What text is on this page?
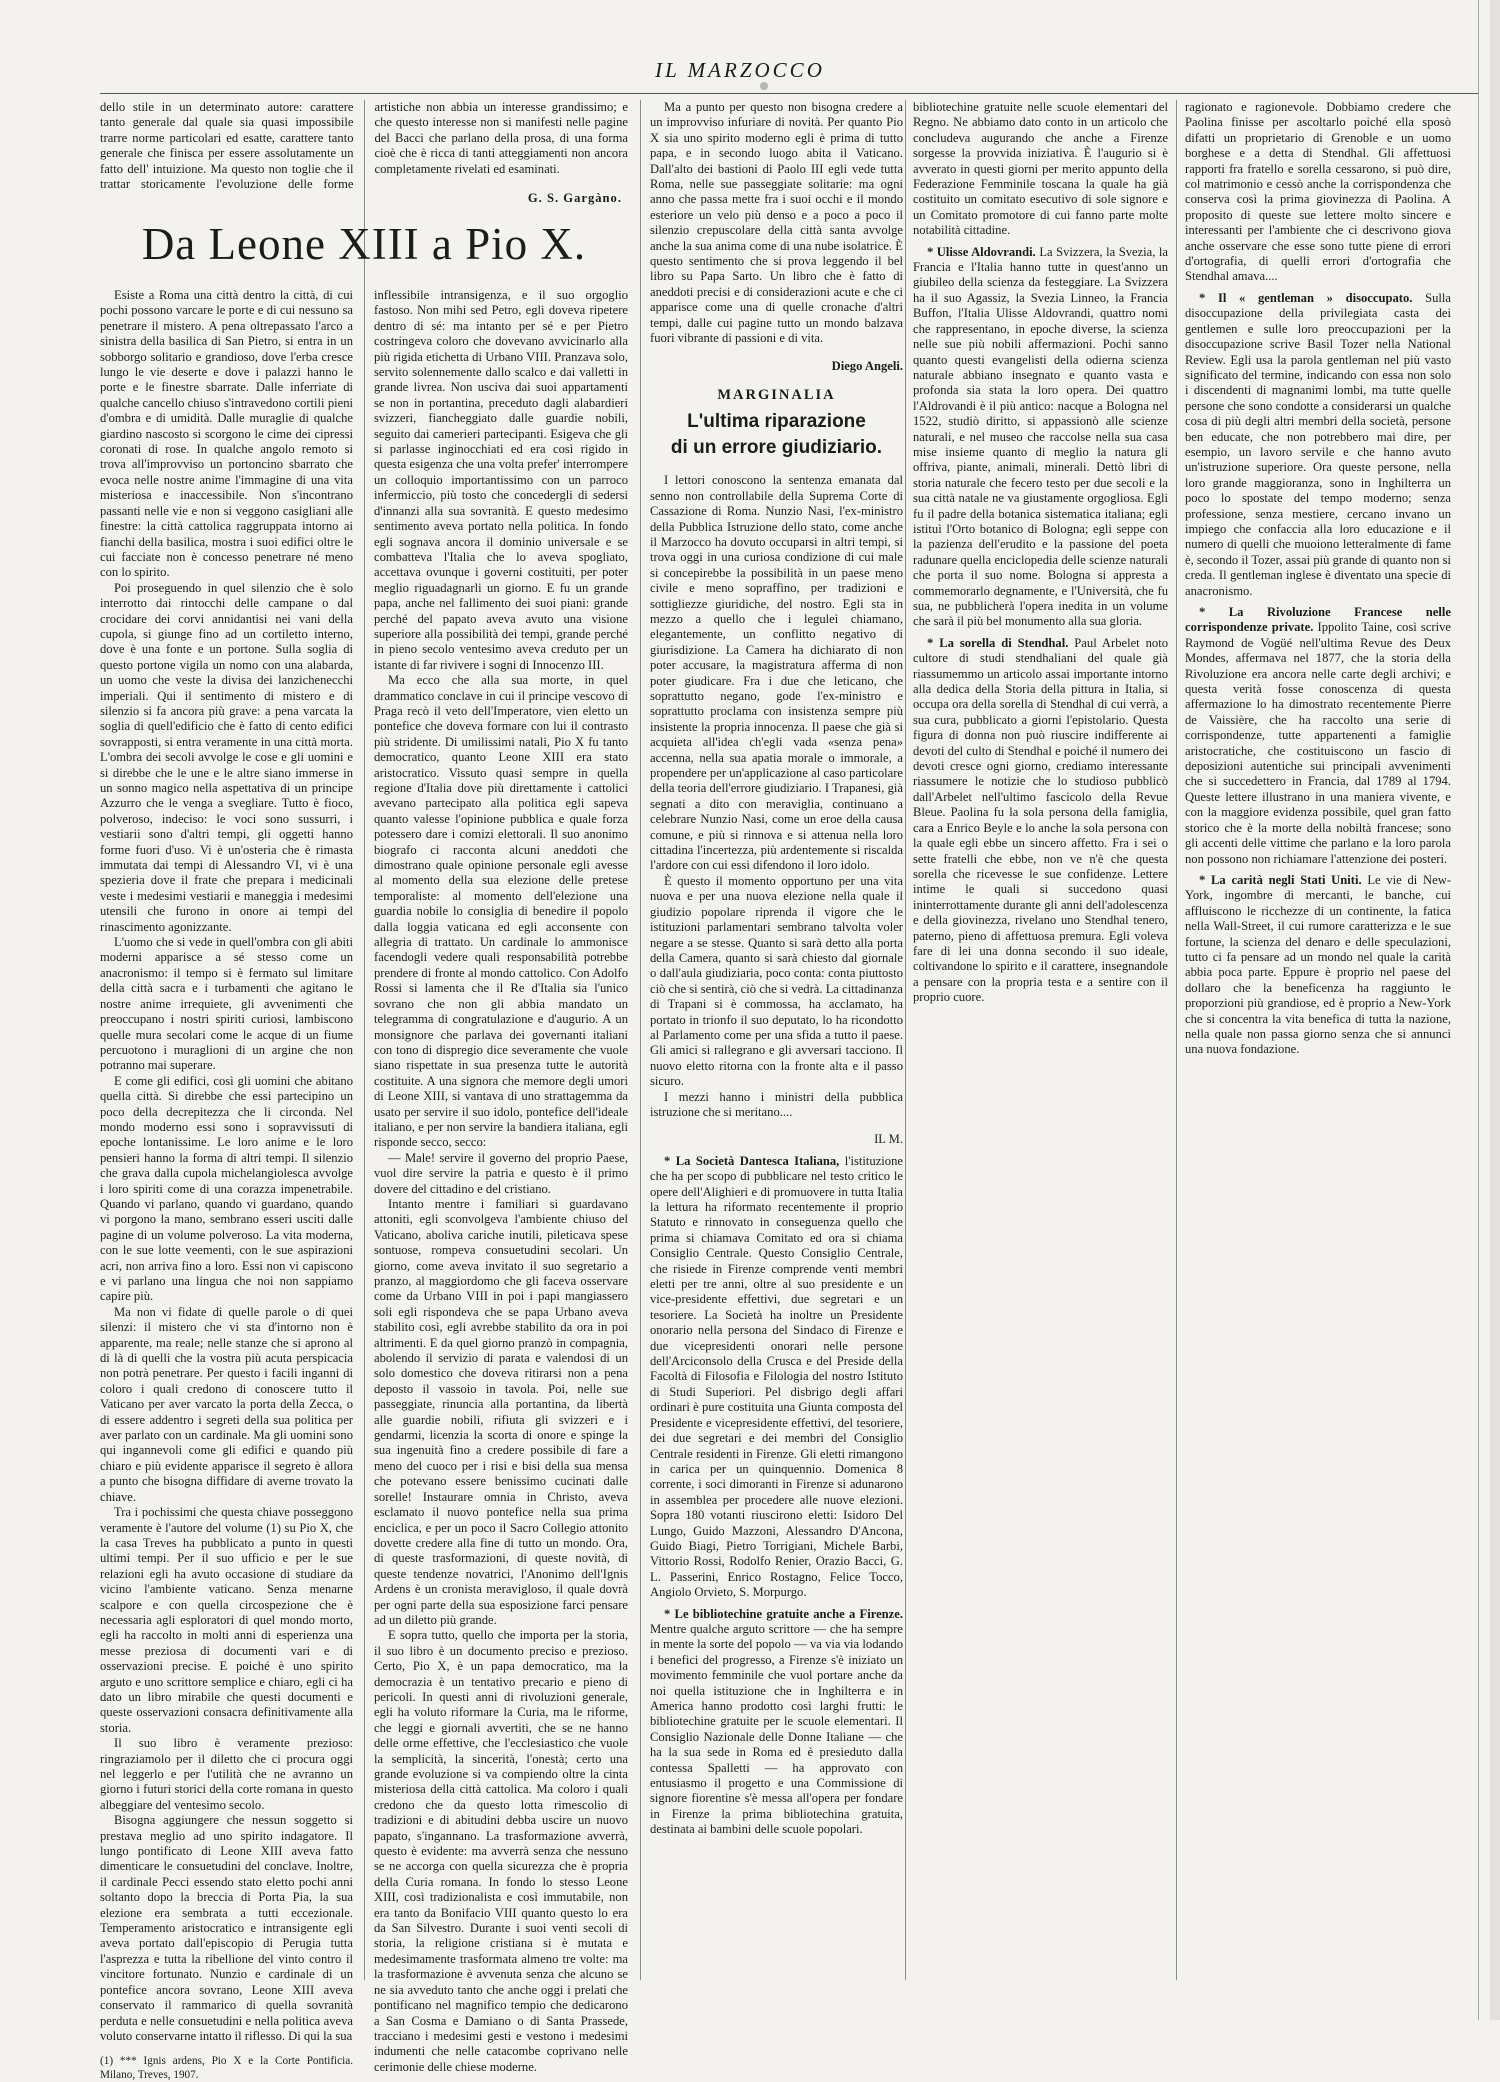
IL MARZOCCO

dello stile in un determinato autore: caratterе tanto generale dal quale sia quasi impossibile trarre norme particolari ed esatte, carattere tanto generale che finisca per essere assolutamente un fatto dell' intuizione. Ma questo non toglie che il trattar storicamente l'evoluzione delle forme artistiche non abbia un interesse grandissimo; e che questo interesse non si manifesti nelle pagine del Bacci che parlano della prosa, di una forma cioè che è ricca di tanti atteggiamenti non ancora completamente rivelati ed esaminati.

G. S. Gargàno.

Da Leone XIII a Pio X.

Esiste a Roma una città dentro la città, di cui pochi possono varcare le porte e di cui nessuno sa penetrare il mistero. A pena oltrepassato l'arco a sinistra della basilica di San Pietro, si entra in un sobborgo solitario e grandioso, dove l'erba cresce lungo le vie deserte e dove i palazzi hanno le porte e le finestre sbarrate. Dalle inferriate di qualche cancello chiuso s'intravedono cortili pieni d'ombra e di umidità. Dalle muraglie di qualche giardino nascosto si scorgono le cime dei cipressi coronati di rose. In qualche angolo remoto si trova all'improvviso un portoncino sbarrato che evoca nelle nostre anime l'immagine di una vita misteriosa e inaccessibile. Non s'incontrano passanti nelle vie e non si veggono casigliani alle finestre: la città cattolica raggruppata intorno ai fianchi della basilica, mostra i suoi edifici oltre le cui facciate non è concesso penetrare né meno con lo spirito.

Poi proseguendo in quel silenzio che è solo interrotto dai rintocchi delle campane o dal crocidare dei corvi annidantisi nei vani della cupola, si giunge fino ad un cortiletto interno, dove è una fonte e un portone. Sulla soglia di questo portone vigila un nomo con una alabarda, un uomo che veste la divisa dei lanzichenecchi imperiali. Qui il sentimento di mistero e di silenzio si fa ancora più grave: a pena varcata la soglia di quell'edificio che è fatto di cento edifici sovrapposti, si entra veramente in una città morta. L'ombra dei secoli avvolge le cose e gli uomini e si direbbe che le une e le altre siano immerse in un sonno magico nella aspettativa di un principe Azzurro che le venga a svegliare. Tutto è fioco, polveroso, indeciso: le voci sono sussurri, i vestiarii sono d'altri tempi, gli oggetti hanno forme fuori d'uso. Vi è un'osteria che è rimasta immutata dai tempi di Alessandro VI, vi è una spezieria dove il frate che prepara i medicinali veste i medesimi vestiarii e maneggia i medesimi utensili che furono in onore ai tempi del rinascimento agonizzante.

L'uomo che si vede in quell'ombra con gli abiti moderni apparisce a sé stesso come un anacronismo: il tempo si è fermato sul limitare della città sacra e i turbamenti che agitano le nostre anime irrequiete, gli avvenimenti che preoccupano i nostri spiriti curiosi, lambiscono quelle mura secolari come le acque di un fiume percuotono i muraglioni di un argine che non potranno mai superare.

E come gli edifici, così gli uomini che abitano quella città. Si direbbe che essi partecipino un poco della decrepitezza che li circonda. Nel mondo moderno essi sono i sopravvissuti di epoche lontanissime. Le loro anime e le loro pensieri hanno la forma di altri tempi. Il silenzio che grava dalla cupola michelangiolesca avvolge i loro spiriti come di una corazza impenetrabile. Quando vi parlano, quando vi guardano, quando vi porgono la mano, sembrano esseri usciti dalle pagine di un volume polveroso. La vita moderna, con le sue lotte veementi, con le sue aspirazioni acri, non arriva fino a loro. Essi non vi capiscono e vi parlano una lingua che noi non sappiamo capire più.

Ma non vi fidate di quelle parole o di quei silenzi: il mistero che vi sta d'intorno non è apparente, ma reale; nelle stanze che si aprono al di là di quelli che la vostra più acuta perspicacia non potrà penetrare. Per questo i facili inganni di coloro i quali credono di conoscere tutto il Vaticano per aver varcato la porta della Zecca, o di essere addentro i segreti della sua politica per aver parlato con un cardinale. Ma gli uomini sono qui ingannevoli come gli edifici e quando più chiaro e più evidente apparisce il segreto è allora a punto che bisogna diffidare di averne trovato la chiave.

Tra i pochissimi che questa chiave posseggono veramente è l'autore del volume (1) su Pio X, che la casa Treves ha pubblicato a punto in questi ultimi tempi. Per il suo ufficio e per le sue relazioni egli ha avuto occasione di studiare da vicino l'ambiente vaticano. Senza menarne scalpore e con quella circospezione che è necessaria agli esploratori di quel mondo morto, egli ha raccolto in molti anni di esperienza una messe preziosa di documenti vari e di osservazioni precise. E poiché è uno spirito arguto e uno scrittore semplice e chiaro, egli ci ha dato un libro mirabile che questi documenti e queste osservazioni consacra definitivamente alla storia.

Il suo libro è veramente prezioso: ringraziamolo per il diletto che ci procura oggi nel leggerlo e per l'utilità che ne avranno un giorno i futuri storici della corte romana in questo albeggiare del ventesimo secolo.

Bisogna aggiungere che nessun soggetto si prestava meglio ad uno spirito indagatore. Il lungo pontificato di Leone XIII aveva fatto dimenticare le consuetudini del conclave. Inoltre, il cardinale Pecci essendo stato eletto pochi anni soltanto dopo la breccia di Porta Pia, la sua elezione era sembrata a tutti eccezionale. Temperamento aristocratico e intransigente egli aveva portato dall'episcopio di Perugia tutta l'asprezza e tutta la ribellione del vinto contro il vincitore fortunato. Nunzio e cardinale di un pontefice ancora sovrano, Leone XIII aveva conservato il rammarico di quella sovranità perduta e nelle consuetudini e nella politica aveva voluto conservarne intatto il riflesso. Di qui la sua

(1) *** Ignis ardens, Pio X e la Corte Pontificia. Milano, Treves, 1907.

inflessibile intransigenza, e il suo orgoglio fastoso. Non mihi sed Petro, egli doveva ripetere dentro di sé: ma intanto per sé e per Pietro costringeva coloro che dovevano avvicinarlo alla più rigida etichetta di Urbano VIII. Pranzava solo, servito solennemente dallo scalco e dai valletti in grande livrea. Non usciva dai suoi appartamenti se non in portantina, preceduto dagli alabardieri svizzeri, fiancheggiato dalle guardie nobili, seguito dai camerieri partecipanti. Esigeva che gli si parlasse inginocchiati ed era così rigido in questa esigenza che una volta prefer' interrompere un colloquio importantissimo con un parroco infermiccio, più tosto che concedergli di sedersi d'innanzi alla sua sovranità. E questo medesimo sentimento avevа portato nella politica. In fondo egli sognava ancora il dominio universale e se combatteva l'Italia che lo aveva spogliato, accettava ovunque i governi costituiti, per poter meglio riguadagnarli un giorno. E fu un grande papa, anche nel fallimento dei suoi piani: grande perché del papato aveva avuto una visione superiore alla possibilità dei tempi, grande perché in pieno secolo ventesimo aveva creduto per un istante di far rivivere i sogni di Innocenzo III.

Ma ecco che alla sua morte, in quel drammatico conclave in cui il principe vescovo di Praga recò il veto dell'Imperatore, vien eletto un pontefice che doveva formare con lui il contrasto più stridente. Di umilissimi natali, Pio X fu tanto democratico, quanto Leone XIII era stato aristocratico. Vissuto quasi sempre in quella regione d'Italia dove più direttamente i cattolici avevano partecipato alla politica egli sapeva quanto valesse l'opinione pubblica e quale forza potessero dare i comizi elettorali. Il suo anonimo biografo ci racconta alcuni aneddoti che dimostrano quale opinione personale egli avesse al momento della sua elezione delle pretese temporalistе: al momento dell'elezione una guardia nobile lo consiglia di benedire il popolo dalla loggia vaticana ed egli acconsente con allegria di trattato. Un cardinale lo ammonisce facendogli vedere quali responsabilità potrebbe prendere di fronte al mondo cattolico. Con Adolfo Rossi si lamenta che il Re d'Italia sia l'unico sovrano che non gli abbia mandato un telegramma di congratulazione e d'augurio. A un monsignore che parlava dei governanti italiani con tono di dispregio dice severamente che vuole siano rispettate in sua presenza tutte le autorità costituite. A una signora che memore degli umori di Leone XIII, si vantava di uno strattagemma da usato per servire il suo idolo, pontefice dell'ideale italiano, e per non servire la bandiera italiana, egli risponde secco, secco:

— Male! servire il governo del proprio Paese, vuol dire servire la patria e questo è il primo dovere del cittadino e del cristiano.

Intanto mentre i familiari si guardavano attoniti, egli sconvolgeva l'ambiente chiuso del Vaticano, aboliva cariche inutili, pileticava spese sontuose, rompeva consuetudini secolari. Un giorno, come aveva invitato il suo segretario a pranzo, al maggiordomo che gli faceva osservare come da Urbano VIII in poi i papi mangiassero soli egli rispondeva che se papa Urbano aveva stabilito così, egli avrebbe stabilito da ora in poi altrimenti. E da quel giorno pranzò in compagnia, abolendo il servizio di parata e valendosi di un solo domestico che doveva ritirarsi non a pena deposto il vassoio in tavola. Poi, nelle sue passeggiate, rinuncia alla portantina, da libertà alle guardie nobili, rifiuta gli svizzeri e i gendarmi, licenzia la scorta di onore e spinge la sua ingenuità fino a credere possibile di fare a meno del cuoco per i risi e bisi della sua mensa che potevano essere benissimo cucinati dalle sorelle! Instaurare omnia in Christo, aveva esclamato il nuovo pontefice nella sua prima enciclica, e per un poco il Sacro Collegio attonito dovette credere alla fine di tutto un mondo. Ora, di queste trasformazioni, di queste novità, di queste tendenze novatrici, l'Anonimo dell'Ignis Ardens è un cronista meravigloso, il quale dovrà per ogni parte della sua esposizione farci pensare ad un diletto più grande.

E sopra tutto, quello che importa per la storia, il suo libro è un documento preciso e prezioso. Certo, Pio X, è un papa democratico, ma la democrazia è un tentativo precario e pieno di pericoli. In questi anni di rivoluzioni generale, egli ha voluto riformare la Curia, ma le riforme, che leggi e giornali avvertiti, che se ne hanno delle orme effettive, che l'ecclesiastico che vuole la semplicità, la sincerità, l'onestà; certo una grande evoluzione si va compiendo oltre la cinta misteriosa della città cattolica. Ma coloro i quali credono che da questo lotta rimescolio di tradizioni e di abitudini debba uscire un nuovo papato, s'ingannano. La trasformazione avverrà, questo è evidente: ma avverrà senza che nessuno se ne accorga con quella sicurezza che è propria della Curia romana. In fondo lo stesso Leone XIII, così tradizionalista e così immutabile, non era tanto da Bonifacio VIII quanto questo lo era da San Silvestro. Durante i suoi venti secoli di storia, la religione cristiana si è mutata e medesimamente trasformata almeno tre volte: ma la trasformazione è avvenuta senza che alcuno se ne sia avveduto tanto che anche oggi i prelati che pontificano nel magnifico tempio che dedicarono a San Cosma e Damiano o di Santa Prassede, tracciano i medesimi gesti e vestono i medesimi indumenti che nelle catacombe coprivano nelle cerimonie delle chiese moderne.

Ma a punto per questo non bisogna credere a un improvviso infuriare di novità. Per quanto Pio X sia uno spirito moderno egli è prima di tutto papa, e in secondo luogo abita il Vaticano. Dall'alto dei bastioni di Paolo III egli vede tutta Roma, nelle sue passeggiate solitarie: ma ogni anno che passa mette fra i suoi occhi e il mondo esteriore un velo più denso e a poco a poco il silenzio crepuscolare della città santa avvolge anche la sua anima come di una nube isolatrice. È questo sentimento che si prova leggendo il bel libro su Papa Sarto. Un libro che è fatto di aneddoti precisi e di considerazioni acute e che ci apparisce come una di quelle cronache d'altri tempi, dalle cui pagine tutto un mondo balzava fuori vibrante di passioni e di vita.

Diego Angeli.

MARGINALIA

L'ultima riparazione
di un errore giudiziario.

I lettori conoscono la sentenza emanata dal senno non controllabile della Suprema Corte di Cassazione di Roma. Nunzio Nasi, l'ex-ministro della Pubblica Istruzione dello stato, come anche il Marzocco ha dovuto occuparsi in altri tempi, si trova oggi in una curiosa condizione di cui male si concepirebbe la possibilità in un paese meno civile e meno sopraffino, per tradizioni e sottigliezze giuridiche, del nostro. Egli sta in mezzo a quello che i leguleì chiamano, elegantemente, un conflitto negativo di giurisdizione. La Camera ha dichiarato di non poter accusare, la magistratura afferma di non poter giudicare. Fra i due che leticano, che soprattutto negano, gode l'ex-ministro e soprattutto proclama con insistenza sempre più insistente la propria innocenza. Il paese che già si acquieta all'idea ch'egli vada «senza pena» accenna, nella sua apatia morale o immorale, a propendere per un'applicazione al caso particolare della teoria dell'errore giudiziario. I Trapanesi, già segnati a dito con meraviglia, continuano a celebrare Nunzio Nasi, come un eroe della causa comune, e più si rinnova e si attenua nella loro cittadina l'incertezza, più ardentemente si riscalda l'ardore con cui essi difendono il loro idolo.

È questo il momento opportuno per una vita nuova e per una nuova elezione nella quale il giudizio popolare riprenda il vigore che le istituzioni parlamentari sembrano talvolta voler negare a se stesse. Quanto si sarà detto alla porta della Camera, quanto si sarà chiesto dal giornale o dall'aula giudiziaria, poco conta: conta piuttosto ciò che si sentirà, ciò che si vedrà. La cittadinanza di Trapani si è commossa, ha acclamato, ha portato in trionfo il suo deputato, lo ha ricondotto al Parlamento come per una sfida a tutto il paese. Gli amici si rallegrano e gli avversari tacciono. Il nuovo eletto ritorna con la fronte alta e il passo sicuro.

I mezzi hanno i ministri della pubblica istruzione che si meritano....

IL M.

* La Società Dantesca Italiana, l'istituzione che ha per scopo di pubblicare nel testo critico le opere dell'Alighieri e di promuovere in tutta Italia la lettura ha riformato recentemente il proprio Statuto e rinnovato in conseguenza quello che prima si chiamava Comitato ed ora si chiama Consiglio Centrale. Questo Consiglio Centrale, che risiede in Firenze comprende venti membri eletti per tre anni, oltre al suo presidente e un vice-presidente effettivi, due segretari e un tesoriere. La Società ha inoltre un Presidente onorario nella persona del Sindaco di Firenze e due vicepresidenti onorari nelle persone dell'Arciconsolo della Crusca e del Preside della Facoltà di Filosofia e Filologia del nostro Istituto di Studi Superiori. Pel disbrigo degli affari ordinari è pure costituita una Giunta composta del Presidente e vicepresidente effettivi, del tesoriere, dei due segretari e dei membri del Consiglio Centrale residenti in Firenze. Gli eletti rimangono in carica per un quinquennio. Domenica 8 corrente, i soci dimoranti in Firenze si adunarono in assemblea per procedere alle nuove elezioni. Sopra 180 votanti riuscirono eletti: Isidoro Del Lungo, Guido Mazzoni, Alessandro D'Ancona, Guido Biagi, Pietro Torrigiani, Michele Barbi, Vittorio Rossi, Rodolfo Renier, Orazio Bacci, G. L. Passerini, Enrico Rostagno, Felice Tocco, Angiolo Orvieto, S. Morpurgo.

* Le bibliotechine gratuite anche a Firenze. Mentre qualche arguto scrittore — che ha sempre in mente la sorte del popolo — va via via lodando i benefici del progresso, a Firenze s'è iniziato un movimento femminile che vuol portare anche da noi quella istituzione che in Inghilterra e in America hanno prodotto così larghi frutti: le bibliotechine gratuite per le scuole elementari. Il Consiglio Nazionale delle Donne Italiane — che ha la sua sede in Roma ed è presieduto dalla contessa Spalletti — ha approvato con entusiasmo il progetto e una Commissione di signore fiorentine s'è messa all'opera per fondare in Firenze la prima bibliotechina gratuita, destinata ai bambini delle scuole popolari.

bibliotechine gratuite nelle scuole elementari del Regno. Ne abbiamo dato conto in un articolo che concludeva augurando che anche a Firenze sorgesse la provvida iniziativa. È l'augurio si è avverato in questi giorni per merito appunto della Federazione Femminile toscana la quale ha già costituito un comitato esecutivo di sole signore e un Comitato promotore di cui fanno parte molte notabilità cittadine.

* Ulisse Aldovrandi. La Svizzera, la Svezia, la Francia e l'Italia hanno tutte in quest'anno un giubileo della scienza da festeggiare. La Svizzera ha il suo Agassiz, la Svezia Linneo, la Francia Buffon, l'Italia Ulisse Aldovrandi, quattro nomi che rappresentano, in epoche diverse, la scienza nelle sue più nobili affermazioni. Pochi sanno quanto questi evangelisti della odierna scienza naturale abbiano insegnato e quanto vasta e profonda sia stata la loro opera. Dei quattro l'Aldrovandi è il più antico: nacque a Bologna nel 1522, studiò diritto, si appassionò alle scienze naturali, e nel museo che raccolse nella sua casa mise insieme quanto di meglio la natura gli offriva, piante, animali, minerali. Dettò libri di storia naturale che fecero testo per due secoli e la sua città natale ne va giustamente orgogliosa. Egli fu il padre della botanica sistematica italiana; egli istituì l'Orto botanico di Bologna; egli seppe con la pazienza dell'erudito e la passione del poeta radunare quella enciclopedia delle scienze naturali che porta il suo nome. Bologna si appresta a commemorarlo degnamente, e l'Università, che fu sua, ne pubblicherà l'opera inedita in un volume che sarà il più bel monumento alla sua gloria.

* La sorella di Stendhal. Paul Arbelet noto cultore di studi stendhaliani del quale già riassumemmo un articolo assai importante intorno alla dedica della Storia della pittura in Italia, si occupa ora della sorella di Stendhal di cui verrà, a sua cura, pubblicato a giorni l'epistolario. Questa figura di donna non può riuscire indifferente ai devoti del culto di Stendhal e poiché il numero dei devoti cresce ogni giorno, crediamo interessante riassumere le notizie che lo studioso pubblicò dall'Arbelet nell'ultimo fascicolo della Revue Bleue. Paolina fu la sola persona della famiglia, cara a Enrico Beyle e lo anche la sola persona con la quale egli ebbe un sincero affetto. Fra i sei o sette fratelli che ebbe, non ve n'è che questa sorella che ricevesse le sue confidenze. Lettere intime le quali si succedono quasi ininterrottamente durante gli anni dell'adolescenza e della giovinezza, rivelano uno Stendhal tenero, paterno, pieno di affettuosa premura. Egli voleva fare di lei una donna secondo il suo ideale, coltivandone lo spirito e il carattere, insegnandole a pensare con la propria testa e a sentire con il proprio cuore.

ragionato e ragionevole. Dobbiamo credere che Paolina finisse per ascoltarlo poiché ella sposò difatti un proprietario di Grenoble e un uomo borghese e a detta di Stendhal. Gli affettuosi rapporti fra fratello e sorella cessarono, si può dire, col matrimonio e cessò anche la corrispondenza che conserva così la prima giovinezza di Paolina. A proposito di queste sue lettere molto sincere e interessanti per l'ambiente che ci descrivono giova anche osservare che esse sono tutte piene di errori d'ortografia, di quelli errori d'ortografia che Stendhal amava....

* Il « gentleman » disoccupato. Sulla disoccupazione della privilegiata casta dei gentlemen e sulle loro preoccupazioni per la disoccupazione scrive Basil Tozer nella National Review. Egli usa la parola gentleman nel più vasto significato del termine, indicando con essa non solo i discendenti di magnanimi lombi, ma tutte quelle persone che sono condotte a considerarsi un qualche cosa di più degli altri membri della società, persone ben educate, che non potrebbero mai dire, per esempio, un lavoro servile e che hanno avuto un'istruzione superiore. Ora queste persone, nella loro grande maggioranza, sono in Inghilterra un poco lo spostate del tempo moderno; senza professione, senza mestiere, cercano invano un impiego che confaccia alla loro educazione e il numero di quelli che muoiono letteralmente di fame è, secondo il Tozer, assai più grande di quanto non si creda. Il gentleman inglese è diventato una specie di anacronismo.

* La Rivoluzione Francese nelle corrispondenze private. Ippolito Taine, così scrive Raymond de Vogüé nell'ultima Revue des Deux Mondes, affermava nel 1877, che la storia della Rivoluzione era ancora nelle carte degli archivi; e questa verità fosse conoscenza di questa affermazione lo ha dimostrato recentemente Pierre de Vaissière, che ha raccolto una serie di corrispondenze, tutte appartenenti a famiglie aristocratiche, che costituiscono un fascio di deposizioni autentiche sui principali avvenimenti che si succedettero in Francia, dal 1789 al 1794. Queste lettere illustrano in una maniera vivente, e con la maggiore evidenza possibile, quel gran fatto storico che è la morte della nobiltà francese; sono gli accenti delle vittime che parlano e la loro parola non possono non richiamare l'attenzione dei posteri.

* La carità negli Stati Uniti. Le vie di New-York, ingombre di mercanti, le banche, cui affluiscono le ricchezze di un continente, la fatica nella Wall-Street, il cui rumore caratterizza e le sue fortune, la scienza del denaro e delle speculazioni, tutto ci fa pensare ad un mondo nel quale la carità abbia poca parte. Eppure è proprio nel paese del dollaro che la beneficenza ha raggiunto le proporzioni più grandiose, ed è proprio a New-York che si concentra la vita benefica di tutta la nazione, nella quale non passa giorno senza che si annunci una nuova fondazione.
